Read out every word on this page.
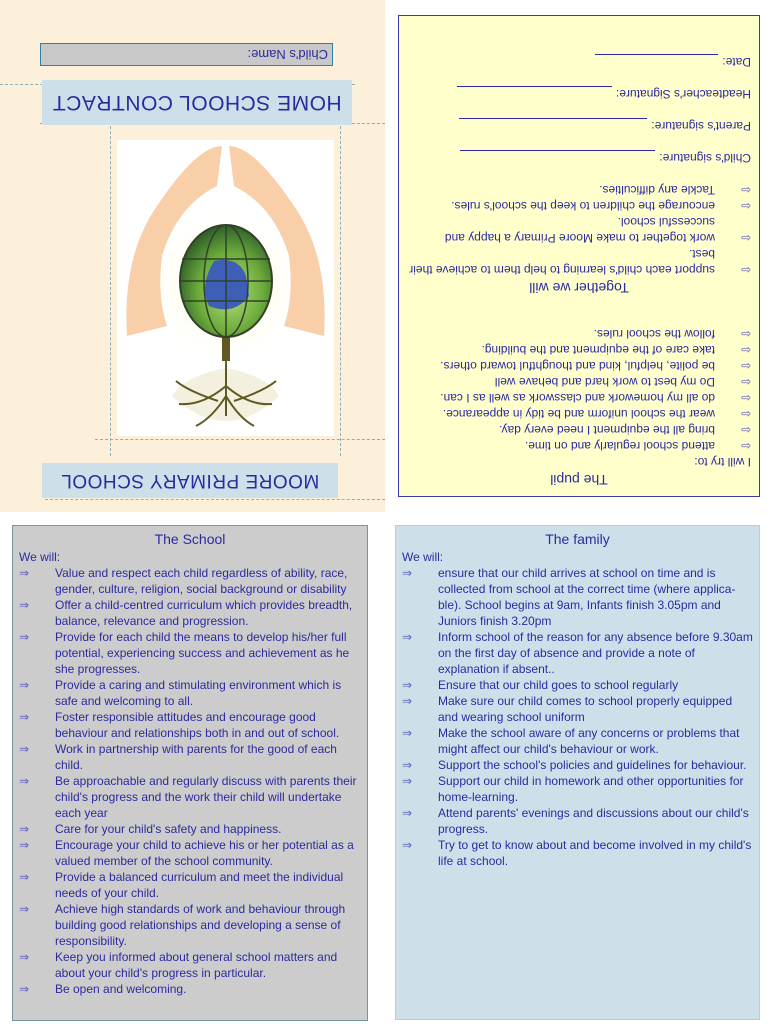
MOORE PRIMARY SCHOOL
HOME SCHOOL CONTRACT
Child's Name:
The pupil
I will try to:
⇦
attend school regularly and on time.
⇦
bring all the equipment I need every day.
⇦
wear the school uniform and be tidy in appearance.
⇦
do all my homework and classwork as well as I can.
⇦
Do my best to work hard and behave well
⇦
be polite, helpful, kind and thoughtful toward others.
⇦
take care of the equipment and the building.
⇦
follow the school rules.
Together we will
⇦
support each child's learning to help them to achieve their best.
⇦
work together to make Moore Primary a happy and successful school.
⇦
encourage the children to keep the school's rules.
⇦
Tackle any difficulties.
Child's signature:
Parent's signature:
Headteacher's Signature:
Date:
The School
We will:
⇒	Value and respect each child regardless of ability, race, gender, culture, religion, social background or disability
⇒	Offer a child-centred curriculum which provides breadth, balance, relevance and progression.
⇒	Provide for each child the means to develop his/her full potential, experiencing success and achievement as he she progresses.
⇒	Provide a caring and stimulating environment which is safe and welcoming to all.
⇒	Foster responsible attitudes and encourage good behaviour and relationships both in and out of school.
⇒	Work in partnership with parents for the good of each child.
⇒	Be approachable and regularly discuss with parents their child's progress and the work their child will undertake each year
⇒	Care for your child's safety and happiness.
⇒	Encourage your child to achieve his or her potential as a valued member of the school community.
⇒	Provide a balanced curriculum and meet the individual needs of your child.
⇒	Achieve high standards of work and behaviour through building good relationships and developing a sense of responsibility.
⇒	Keep you informed about general school matters and about your child's progress in particular.
⇒	Be open and welcoming.
The family
We will:
⇒	ensure that our child arrives at school on time and is collected from school at the correct time (where applica-ble). School begins at 9am, Infants finish 3.05pm and Juniors finish 3.20pm
⇒	Inform school of the reason for any absence before 9.30am on the first day of absence and provide a note of explanation if absent..
⇒	Ensure that our child goes to school regularly
⇒	Make sure our child comes to school properly equipped and wearing school uniform
⇒	Make the school aware of any concerns or problems that might affect our child's behaviour or work.
⇒	Support the school's policies and guidelines for behaviour.
⇒	Support our child in homework and other opportunities for home-learning.
⇒	Attend parents' evenings and discussions about our child's progress.
⇒	Try to get to know about and become involved in my child's life at school.
